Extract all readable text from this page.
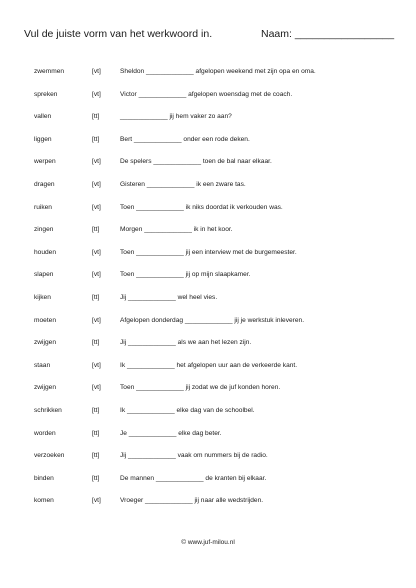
Vul de juiste vorm van het werkwoord in.	Naam: _________________
zwemmen	[vt]	Sheldon _____________ afgelopen weekend met zijn opa en oma.
spreken	[vt]	Victor _____________ afgelopen woensdag met de coach.
vallen	[tt]	_____________ jij hem vaker zo aan?
liggen	[tt]	Bert _____________ onder een rode deken.
werpen	[vt]	De spelers _____________ toen de bal naar elkaar.
dragen	[vt]	Gisteren _____________ ik een zware tas.
ruiken	[vt]	Toen _____________ ik niks doordat ik verkouden was.
zingen	[tt]	Morgen _____________ ik in het koor.
houden	[vt]	Toen _____________ jij een interview met de burgemeester.
slapen	[vt]	Toen _____________ jij op mijn slaapkamer.
kijken	[tt]	Jij _____________ wel heel vies.
moeten	[vt]	Afgelopen donderdag _____________ jij je werkstuk inleveren.
zwijgen	[tt]	Jij _____________ als we aan het lezen zijn.
staan	[vt]	Ik _____________ het afgelopen uur aan de verkeerde kant.
zwijgen	[vt]	Toen _____________ jij zodat we de juf konden horen.
schrikken	[tt]	Ik _____________ elke dag van de schoolbel.
worden	[tt]	Je _____________ elke dag beter.
verzoeken	[tt]	Jij _____________ vaak om nummers bij de radio.
binden	[tt]	De mannen _____________ de kranten bij elkaar.
komen	[vt]	Vroeger _____________ jij naar alle wedstrijden.
© www.juf-milou.nl
